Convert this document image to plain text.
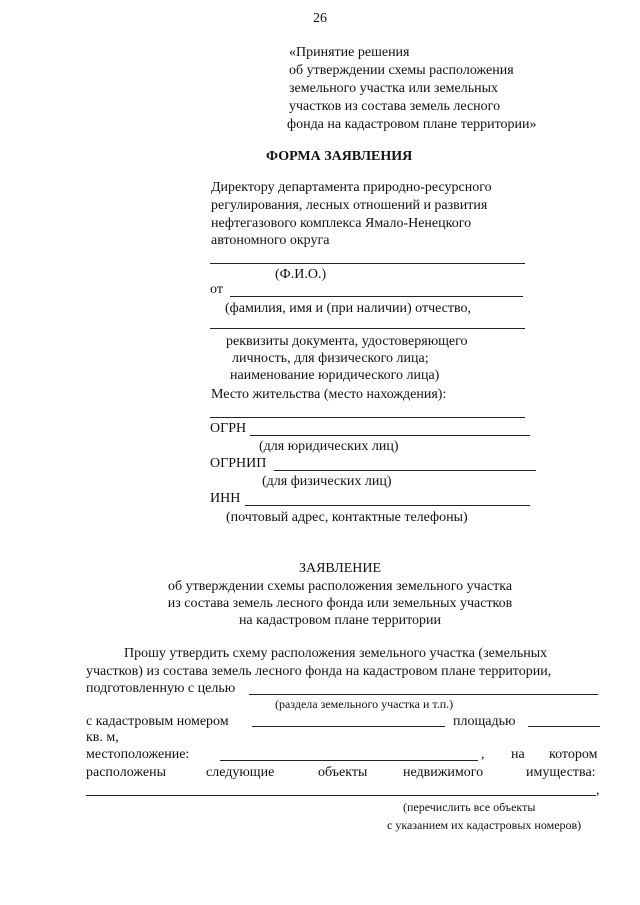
26
«Принятие решения
об утверждении схемы расположения
земельного участка или земельных
участков из состава земель лесного
фонда на кадастровом плане территории»
ФОРМА ЗАЯВЛЕНИЯ
Директору департамента природно-ресурсного
регулирования, лесных отношений и развития
нефтегазового комплекса Ямало-Ненецкого
автономного округа
(Ф.И.О.)
от
(фамилия, имя и (при наличии) отчество,
реквизиты документа, удостоверяющего
личность, для физического лица;
наименование юридического лица)
Место жительства (место нахождения):
ОГРН
(для юридических лиц)
ОГРНИП
(для физических лиц)
ИНН
(почтовый адрес, контактные телефоны)
ЗАЯВЛЕНИЕ
об утверждении схемы расположения земельного участка
из состава земель лесного фонда или земельных участков
на кадастровом плане территории
Прошу утвердить схему расположения земельного участка (земельных
участков) из состава земель лесного фонда на кадастровом плане территории,
подготовленную с целью
(раздела земельного участка и т.п.)
с кадастровым номером	площадью
кв. м,
местоположение:	, на котором
расположены	следующие	объекты	недвижимого	имущества:
,
(перечислить все объекты
с указанием их кадастровых номеров)
